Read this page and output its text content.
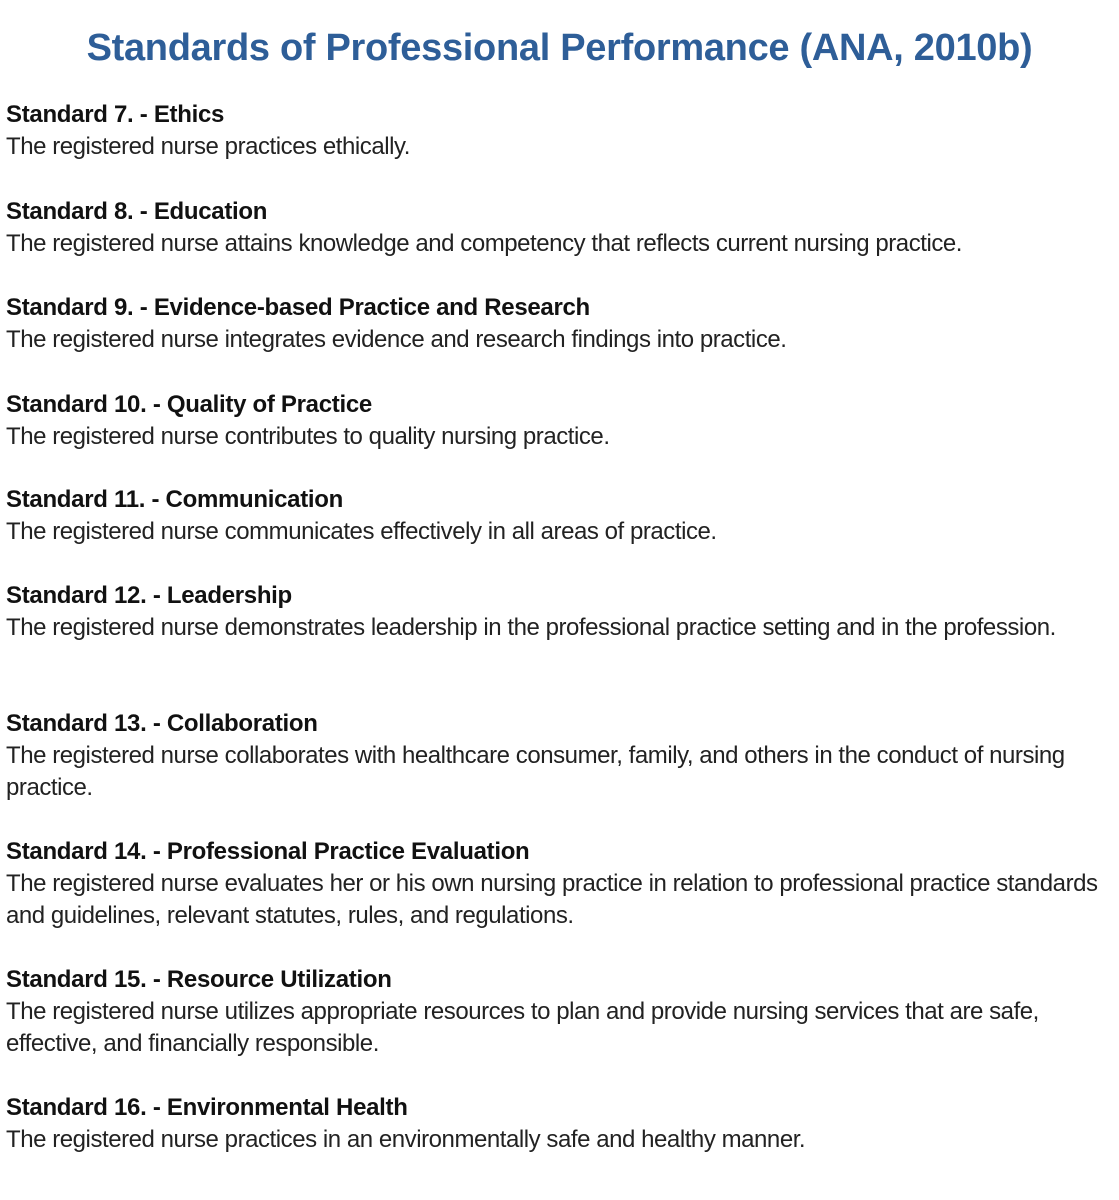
Standards of Professional Performance (ANA, 2010b)
Standard 7. - Ethics
The registered nurse practices ethically.
Standard 8. - Education
The registered nurse attains knowledge and competency that reflects current nursing practice.
Standard 9. - Evidence-based Practice and Research
The registered nurse integrates evidence and research findings into practice.
Standard 10. - Quality of Practice
The registered nurse contributes to quality nursing practice.
Standard 11. - Communication
The registered nurse communicates effectively in all areas of practice.
Standard 12. - Leadership
The registered nurse demonstrates leadership in the professional practice setting and in the profession.
Standard 13. - Collaboration
The registered nurse collaborates with healthcare consumer, family, and others in the conduct of nursing practice.
Standard 14. - Professional Practice Evaluation
The registered nurse evaluates her or his own nursing practice in relation to professional practice standards and guidelines, relevant statutes, rules, and regulations.
Standard 15. - Resource Utilization
The registered nurse utilizes appropriate resources to plan and provide nursing services that are safe, effective, and financially responsible.
Standard 16. - Environmental Health
The registered nurse practices in an environmentally safe and healthy manner.
